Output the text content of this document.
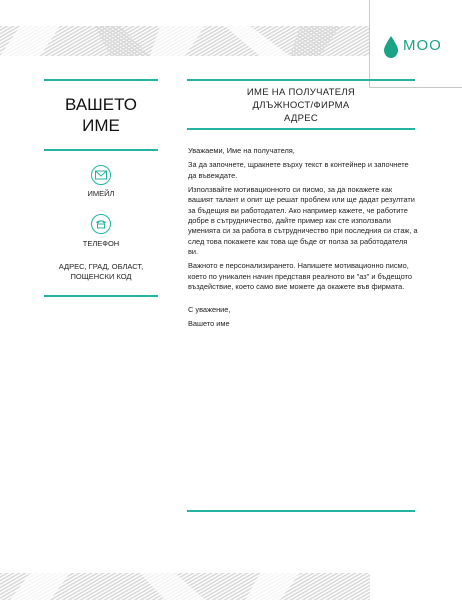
MOO
ВАШЕТО
ИМЕ
ИМЕЙЛ
ТЕЛЕФОН
АДРЕС, ГРАД, ОБЛАСТ,
ПОЩЕНСКИ КОД
ИМЕ НА ПОЛУЧАТЕЛЯ
ДЛЪЖНОСТ/ФИРМА
АДРЕС

Уважаеми, Име на получателя,

За да започнете, щракнете върху текст в контейнер и започнете да въвеждате.

Използвайте мотивационното си писмо, за да покажете как вашият талант и опит ще решат проблем или ще дадат резултати за бъдещия ви работодател. Ако например кажете, че работите добре в сътрудничество, дайте пример как сте използвали уменията си за работа в сътрудничество при последния си стаж, а след това покажете как това ще бъде от полза за работодателя ви.

Важното е персонализирането. Напишете мотивационно писмо, което по уникален начин представя реалното ви "аз" и бъдещото въздействие, което само вие можете да окажете във фирмата.

С уважение,

Вашето име
